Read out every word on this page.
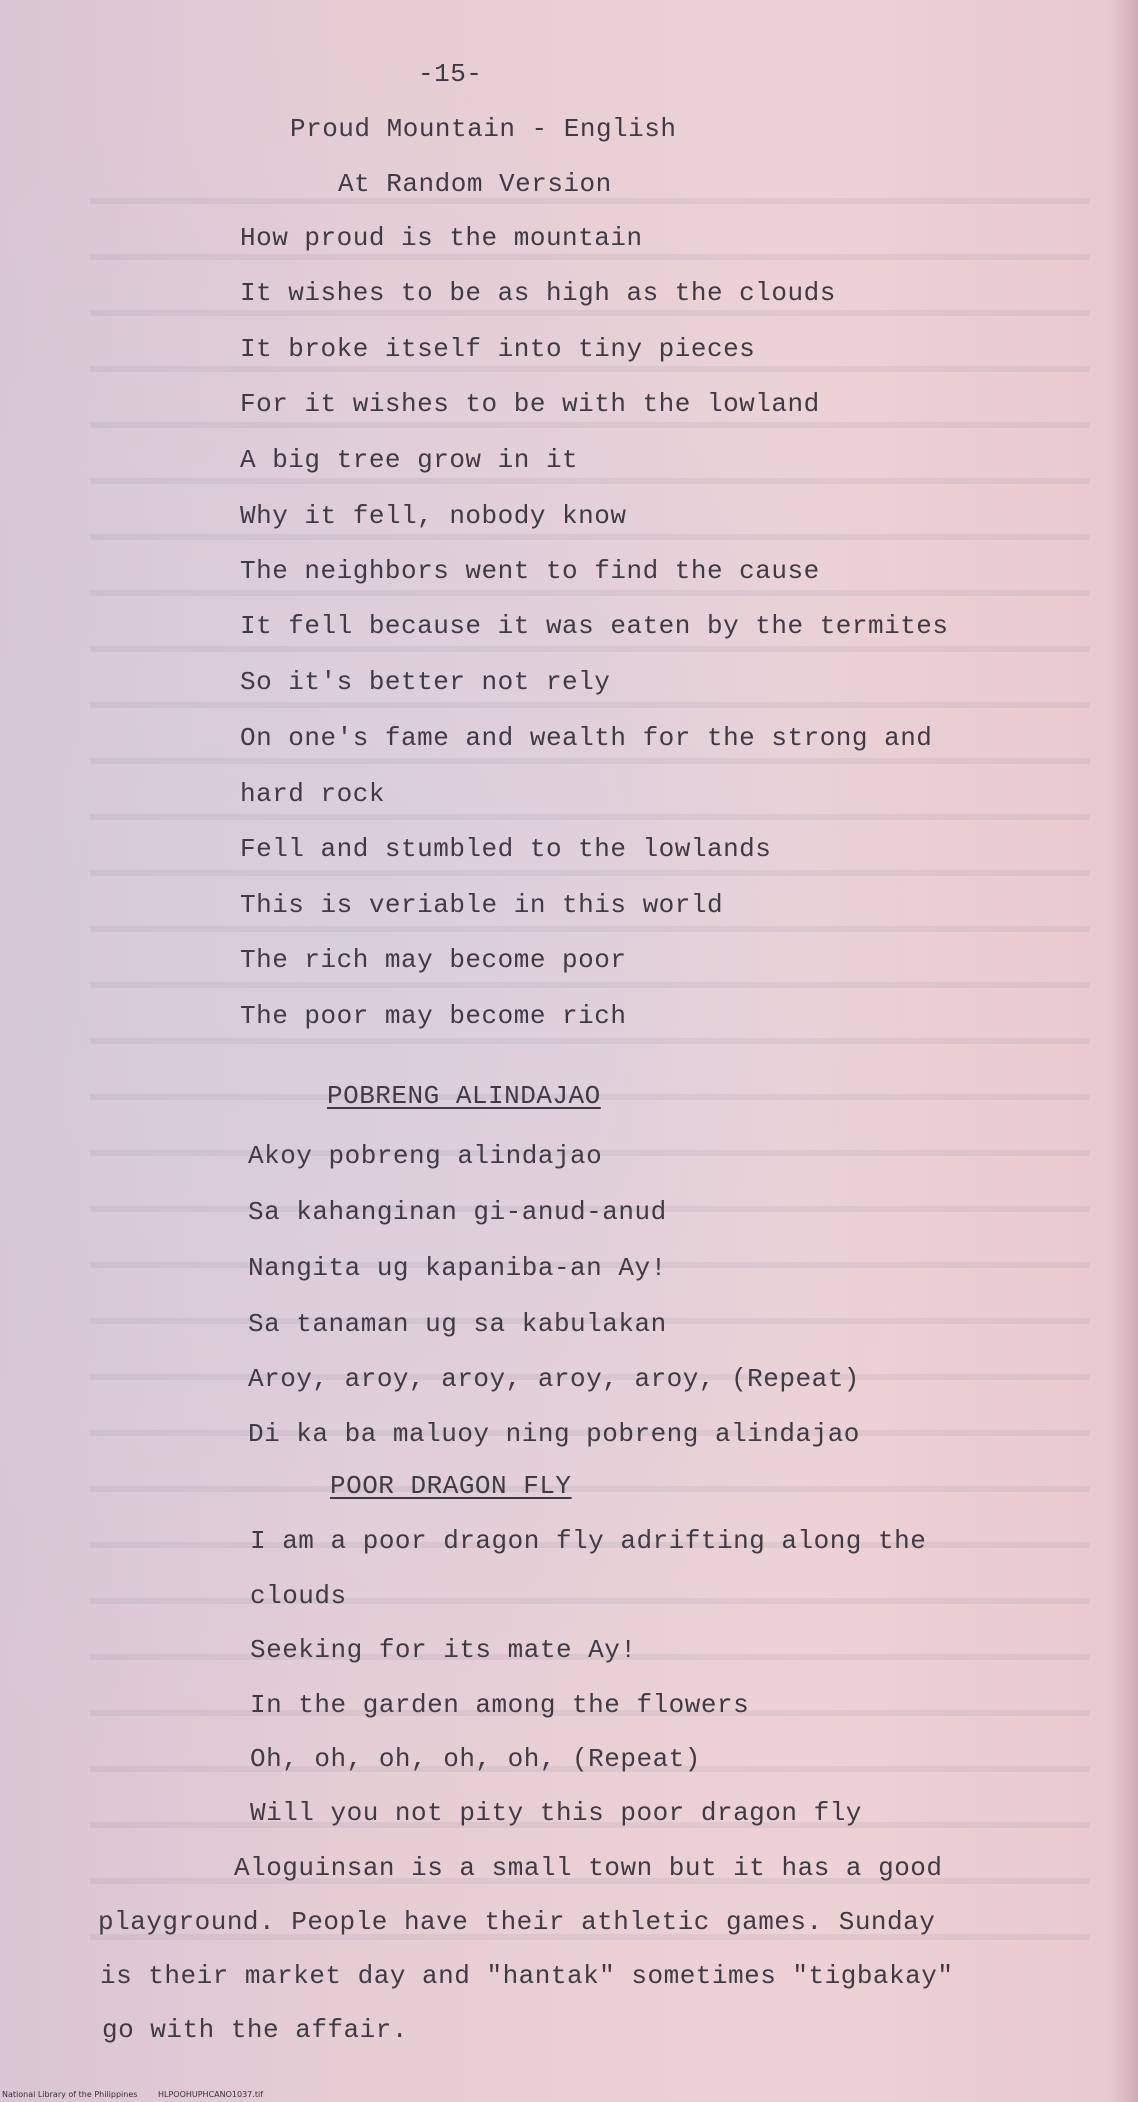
-15-
Proud Mountain - English
At Random Version
How proud is the mountain
It wishes to be as high as the clouds
It broke itself into tiny pieces
For it wishes to be with the lowland
A big tree grow in it
Why it fell, nobody know
The neighbors went to find the cause
It fell because it was eaten by the termites
So it's better not rely
On one's fame and wealth for the strong and
hard rock
Fell and stumbled to the lowlands
This is veriable in this world
The rich may become poor
The poor may become rich
POBRENG ALINDAJAO
Akoy pobreng alindajao
Sa kahanginan gi-anud-anud
Nangita ug kapaniba-an Ay!
Sa tanaman ug sa kabulakan
Aroy, aroy, aroy, aroy, aroy, (Repeat)
Di ka ba maluoy ning pobreng alindajao
POOR DRAGON FLY
I am a poor dragon fly adrifting along the
clouds
Seeking for its mate Ay!
In the garden among the flowers
Oh, oh, oh, oh, oh, (Repeat)
Will you not pity this poor dragon fly
Aloguinsan is a small town but it has a good
playground. People have their athletic games. Sunday
is their market day and "hantak" sometimes "tigbakay"
go with the affair.
National Library of the Philippines	HLPOOHUPHCANO1037.tif
